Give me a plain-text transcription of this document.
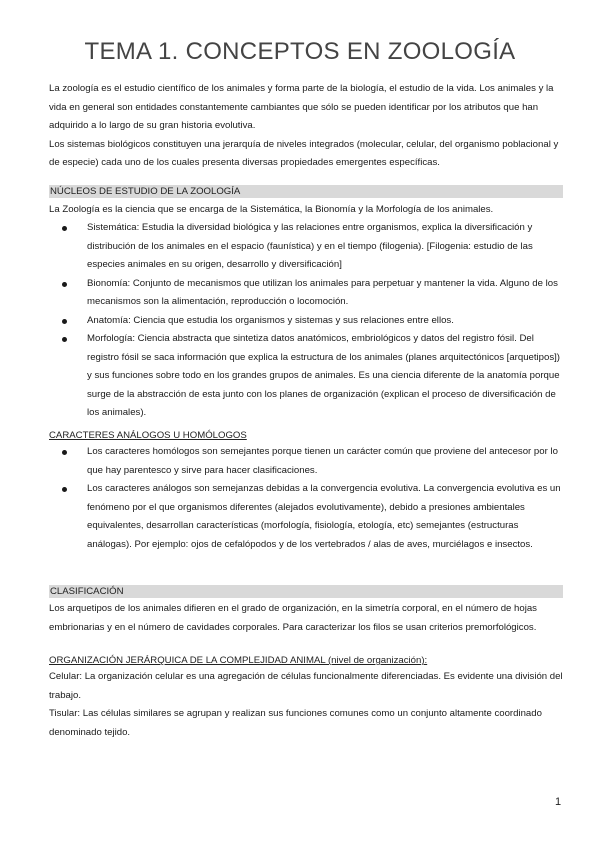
TEMA 1. CONCEPTOS EN ZOOLOGÍA

La zoología es el estudio científico de los animales y forma parte de la biología, el estudio de la vida. Los animales y la vida en general son entidades constantemente cambiantes que sólo se pueden identificar por los atributos que han adquirido a lo largo de su gran historia evolutiva.

Los sistemas biológicos constituyen una jerarquía de niveles integrados (molecular, celular, del organismo poblacional y de especie) cada uno de los cuales presenta diversas propiedades emergentes específicas.

NÚCLEOS DE ESTUDIO DE LA ZOOLOGÍA

La Zoología es la ciencia que se encarga de la Sistemática, la Bionomía y la Morfología de los animales.

Sistemática: Estudia la diversidad biológica y las relaciones entre organismos, explica la diversificación y distribución de los animales en el espacio (faunística) y en el tiempo (filogenia). [Filogenia: estudio de las especies animales en su origen, desarrollo y diversificación]
Bionomía: Conjunto de mecanismos que utilizan los animales para perpetuar y mantener la vida. Alguno de los mecanismos son la alimentación, reproducción o locomoción.
Anatomía: Ciencia que estudia los organismos y sistemas y sus relaciones entre ellos.
Morfología: Ciencia abstracta que sintetiza datos anatómicos, embriológicos y datos del registro fósil. Del registro fósil se saca información que explica la estructura de los animales (planes arquitectónicos [arquetipos]) y sus funciones sobre todo en los grandes grupos de animales. Es una ciencia diferente de la anatomía porque surge de la abstracción de esta junto con los planes de organización (explican el proceso de diversificación de los animales).
CARACTERES ANÁLOGOS U HOMÓLOGOS
Los caracteres homólogos son semejantes porque tienen un carácter común que proviene del antecesor por lo que hay parentesco y sirve para hacer clasificaciones.
Los caracteres análogos son semejanzas debidas a la convergencia evolutiva. La convergencia evolutiva es un fenómeno por el que organismos diferentes (alejados evolutivamente), debido a presiones ambientales equivalentes, desarrollan características (morfología, fisiología, etología, etc) semejantes (estructuras análogas). Por ejemplo: ojos de cefalópodos y de los vertebrados / alas de aves, murciélagos e insectos.
CLASIFICACIÓN

Los arquetipos de los animales difieren en el grado de organización, en la simetría corporal, en el número de hojas embrionarias y en el número de cavidades corporales. Para caracterizar los filos se usan criterios premorfológicos.

ORGANIZACIÓN JERÁRQUICA DE LA COMPLEJIDAD ANIMAL (nivel de organización):

Celular: La organización celular es una agregación de células funcionalmente diferenciadas. Es evidente una división del trabajo.

Tisular: Las células similares se agrupan y realizan sus funciones comunes como un conjunto altamente coordinado denominado tejido.

1
